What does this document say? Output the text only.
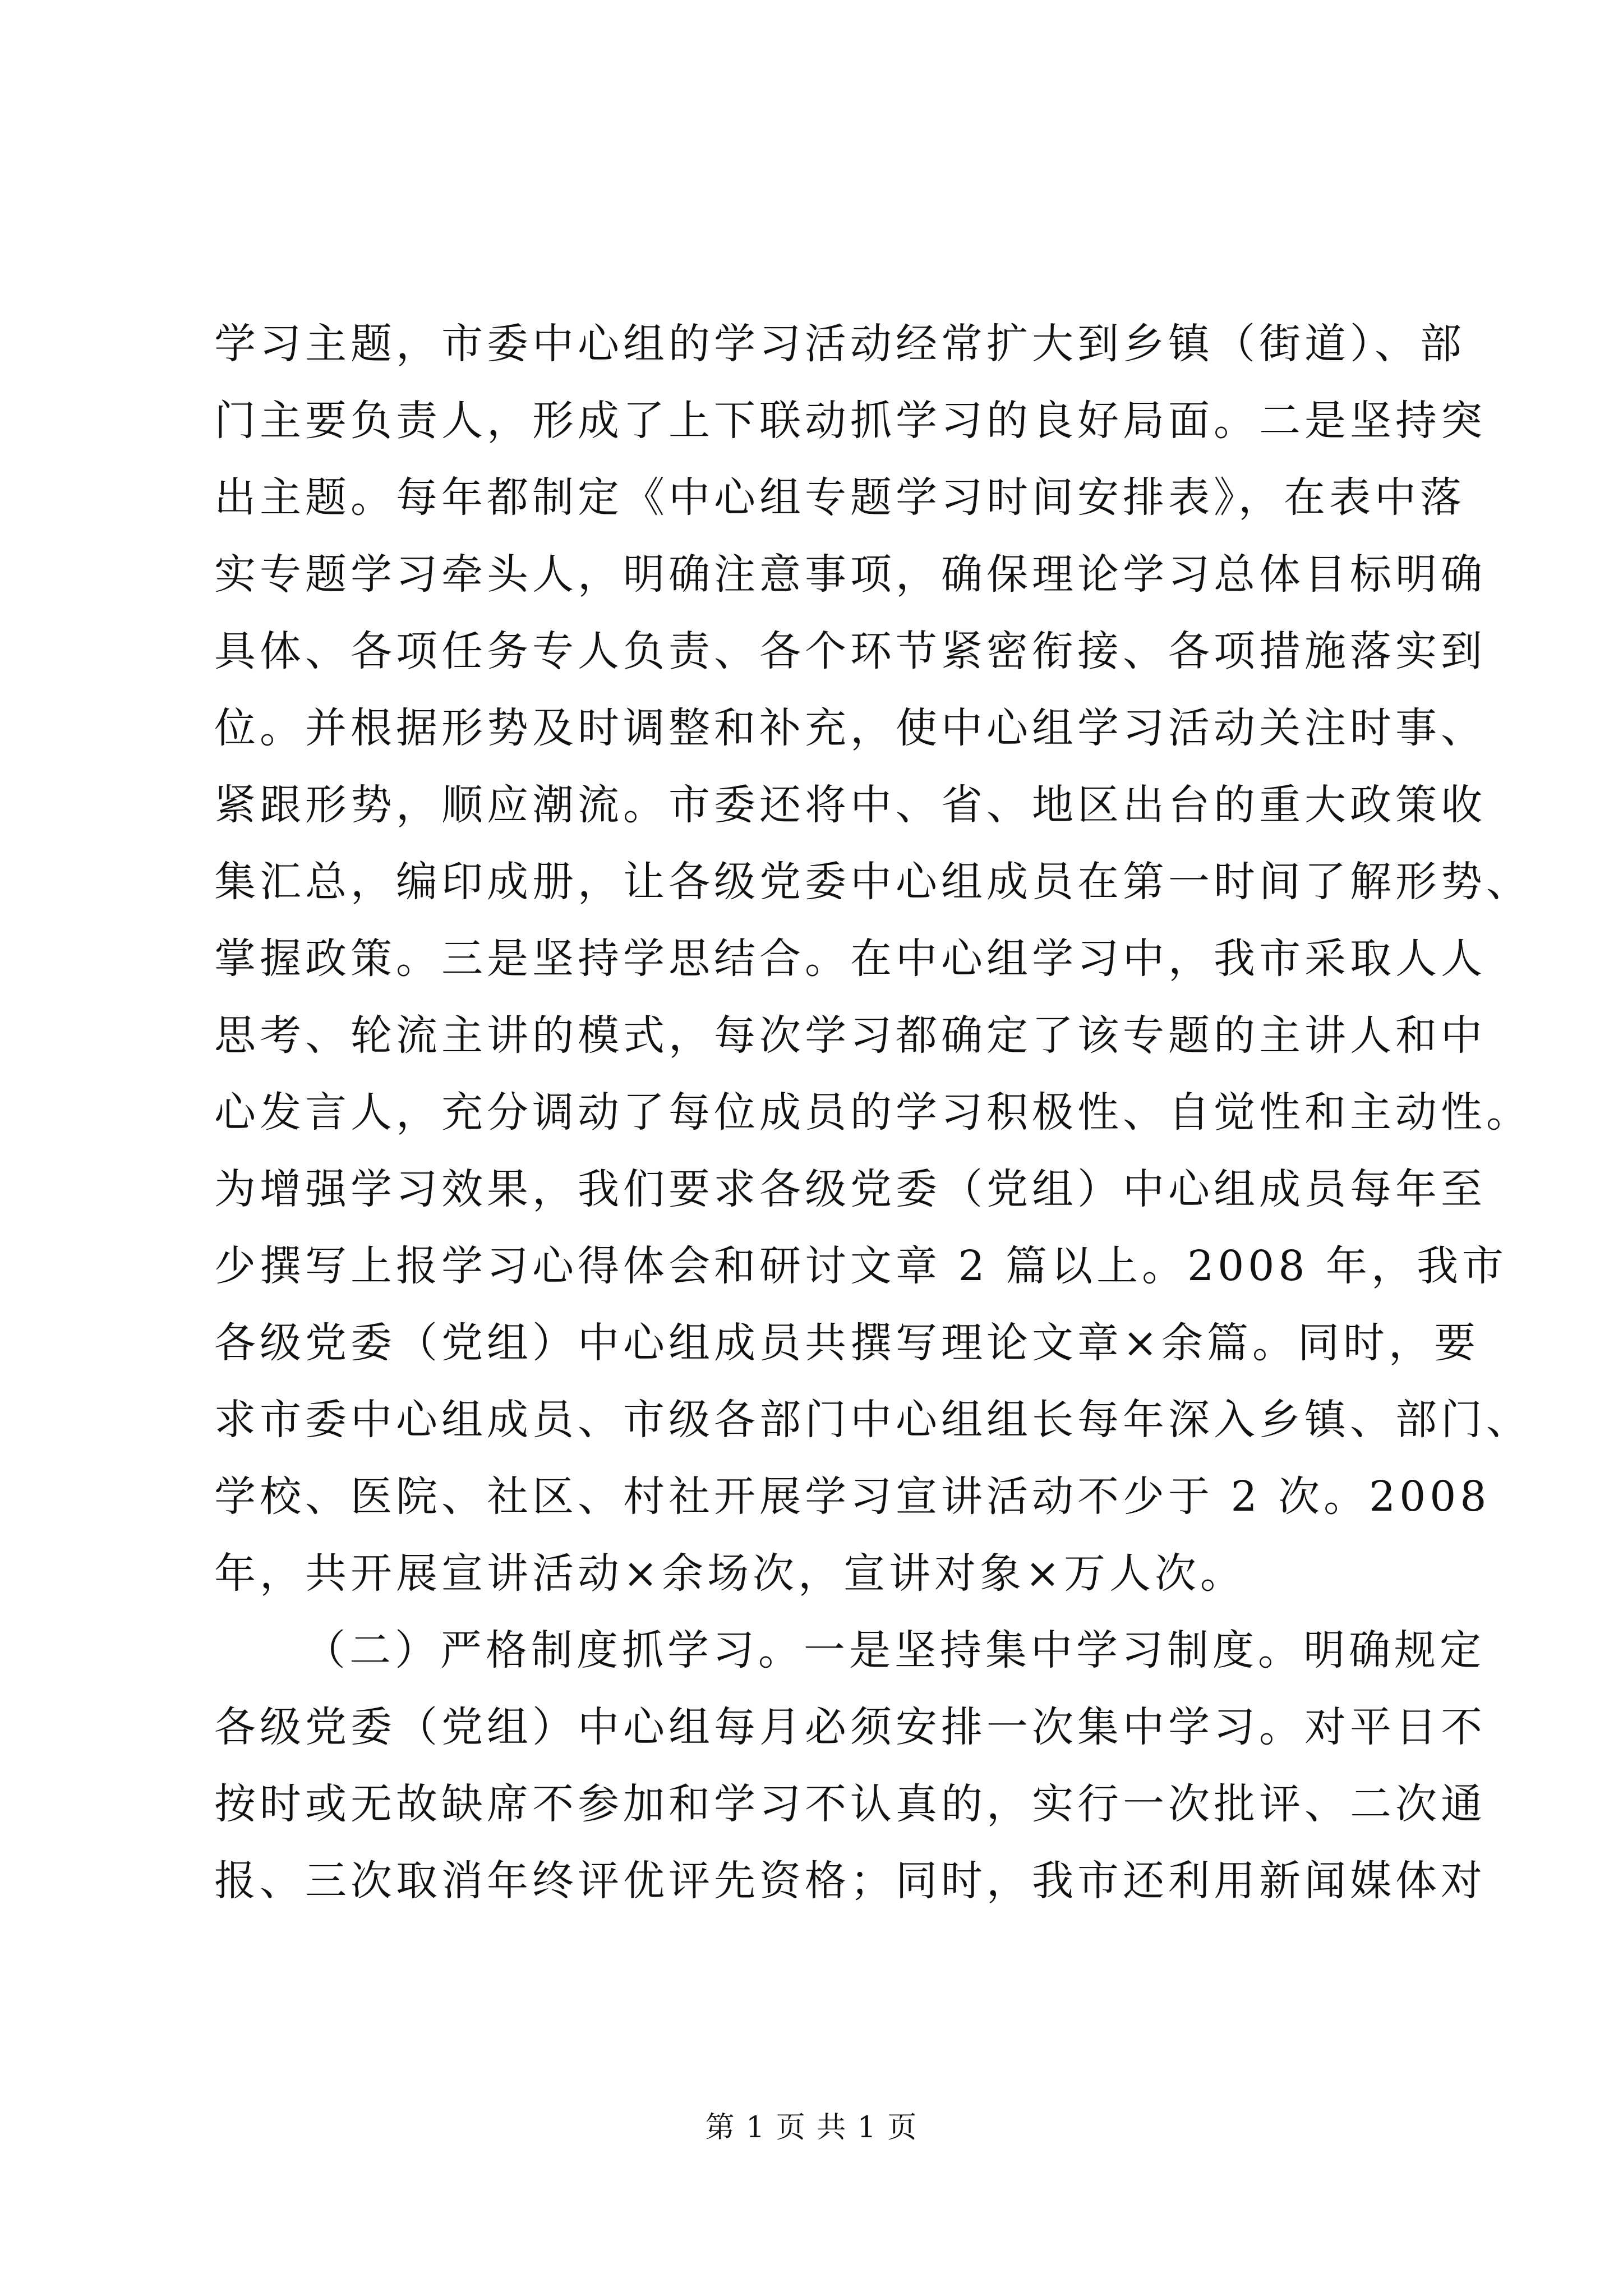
学习主题，市委中心组的学习活动经常扩大到乡镇（街道）、部
门主要负责人，形成了上下联动抓学习的良好局面。二是坚持突
出主题。每年都制定《中心组专题学习时间安排表》，在表中落
实专题学习牵头人，明确注意事项，确保理论学习总体目标明确
具体、各项任务专人负责、各个环节紧密衔接、各项措施落实到
位。并根据形势及时调整和补充，使中心组学习活动关注时事、
紧跟形势，顺应潮流。市委还将中、省、地区出台的重大政策收
集汇总，编印成册，让各级党委中心组成员在第一时间了解形势、
掌握政策。三是坚持学思结合。在中心组学习中，我市采取人人
思考、轮流主讲的模式，每次学习都确定了该专题的主讲人和中
心发言人，充分调动了每位成员的学习积极性、自觉性和主动性。
为增强学习效果，我们要求各级党委（党组）中心组成员每年至
少撰写上报学习心得体会和研讨文章 2 篇以上。2008 年，我市
各级党委（党组）中心组成员共撰写理论文章×余篇。同时，要
求市委中心组成员、市级各部门中心组组长每年深入乡镇、部门、
学校、医院、社区、村社开展学习宣讲活动不少于 2 次。2008
年，共开展宣讲活动×余场次，宣讲对象×万人次。
（二）严格制度抓学习。一是坚持集中学习制度。明确规定
各级党委（党组）中心组每月必须安排一次集中学习。对平日不
按时或无故缺席不参加和学习不认真的，实行一次批评、二次通
报、三次取消年终评优评先资格；同时，我市还利用新闻媒体对
第 1 页 共 1 页
